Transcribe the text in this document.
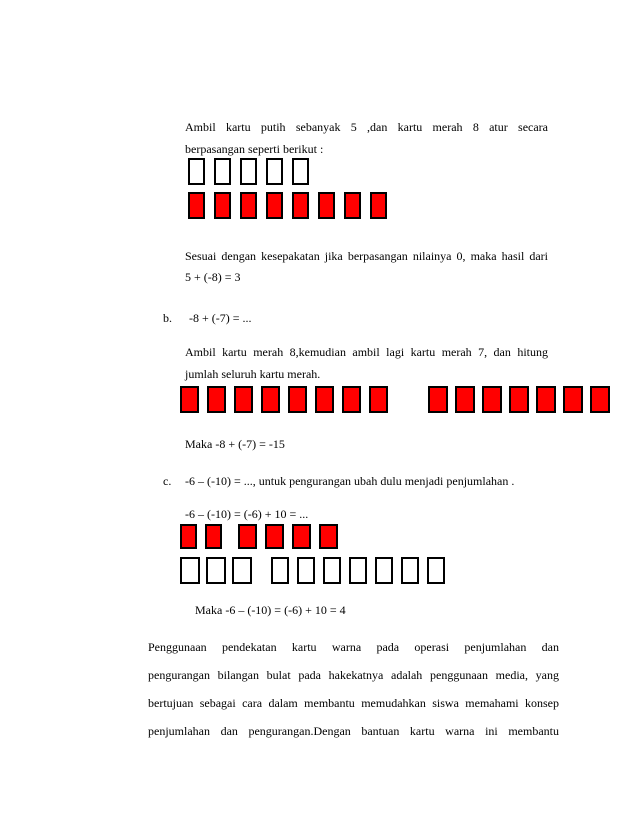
Ambil kartu putih sebanyak 5 ,dan kartu merah 8 atur secara

berpasangan seperti berikut :

Sesuai dengan kesepakatan jika berpasangan nilainya 0, maka hasil dari

5 + (-8) = 3

b. -8 + (-7) = ...

Ambil kartu merah 8,kemudian ambil lagi kartu merah 7, dan hitung

jumlah seluruh kartu merah.

Maka -8 + (-7) = -15

c. -6 – (-10) = ..., untuk pengurangan ubah dulu menjadi penjumlahan .

-6 – (-10) = (-6) + 10 = ...

Maka -6 – (-10) = (-6) + 10 = 4

Penggunaan pendekatan kartu warna pada operasi penjumlahan dan
pengurangan bilangan bulat pada hakekatnya adalah penggunaan media, yang
bertujuan sebagai cara dalam membantu memudahkan siswa memahami konsep
penjumlahan dan pengurangan.Dengan bantuan kartu warna ini membantu
